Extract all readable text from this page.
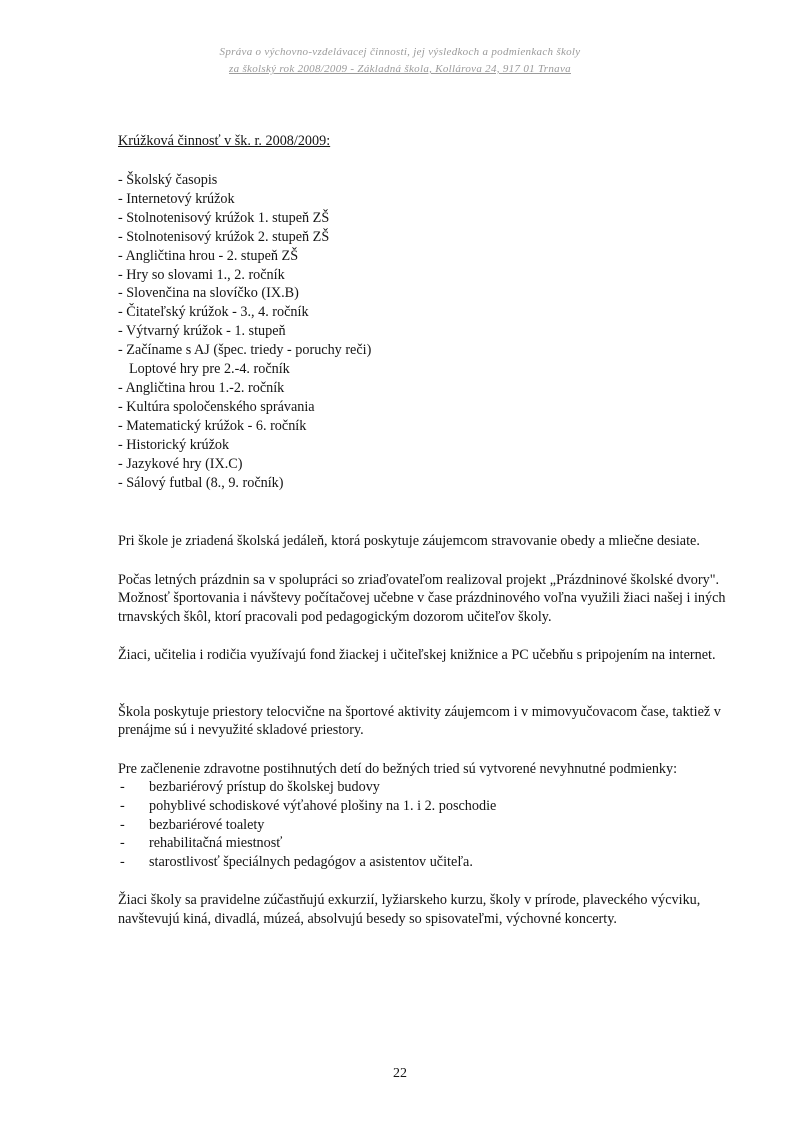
Správa o výchovno-vzdelávacej činnosti, jej výsledkoch a podmienkach školy
za školský rok 2008/2009 - Základná škola, Kollárova 24, 917 01 Trnava
Krúžková činnosť v šk. r. 2008/2009:
- Školský časopis
- Internetový krúžok
- Stolnotenisový krúžok 1. stupeň ZŠ
- Stolnotenisový krúžok 2. stupeň ZŠ
- Angličtina hrou - 2. stupeň ZŠ
- Hry so slovami 1., 2. ročník
- Slovenčina na slovíčko (IX.B)
- Čitateľský krúžok - 3., 4. ročník
- Výtvarný krúžok - 1. stupeň
- Začíname s AJ (špec. triedy - poruchy reči)
Loptové hry pre 2.-4. ročník
- Angličtina hrou 1.-2. ročník
- Kultúra spoločenského správania
- Matematický krúžok - 6. ročník
- Historický krúžok
- Jazykové hry (IX.C)
- Sálový futbal (8., 9. ročník)

Pri škole je zriadená školská jedáleň, ktorá poskytuje záujemcom stravovanie obedy a mliečne desiate.

Počas letných prázdnin sa v spolupráci so zriaďovateľom realizoval projekt „Prázdninové školské dvory". Možnosť športovania i návštevy počítačovej učebne v čase prázdninového voľna využili žiaci našej i iných trnavských škôl, ktorí pracovali pod pedagogickým dozorom učiteľov školy.

Žiaci, učitelia i rodičia využívajú fond žiackej i učiteľskej knižnice a PC učebňu s pripojením na internet.

Škola poskytuje priestory telocvične na športové aktivity záujemcom i v mimovyučovacom čase, taktiež v prenájme sú i nevyužité skladové priestory.

Pre začlenenie zdravotne postihnutých detí do bežných tried sú vytvorené nevyhnutné podmienky:

- bezbariérový prístup do školskej budovy
- pohyblivé schodiskové výťahové plošiny na 1. i 2. poschodie
- bezbariérové toalety
- rehabilitačná miestnosť
- starostlivosť špeciálnych pedagógov a asistentov učiteľa.

Žiaci školy sa pravidelne zúčastňujú exkurzií, lyžiarskeho kurzu, školy v prírode, plaveckého výcviku, navštevujú kiná, divadlá, múzeá, absolvujú besedy so spisovateľmi, výchovné koncerty.

22
